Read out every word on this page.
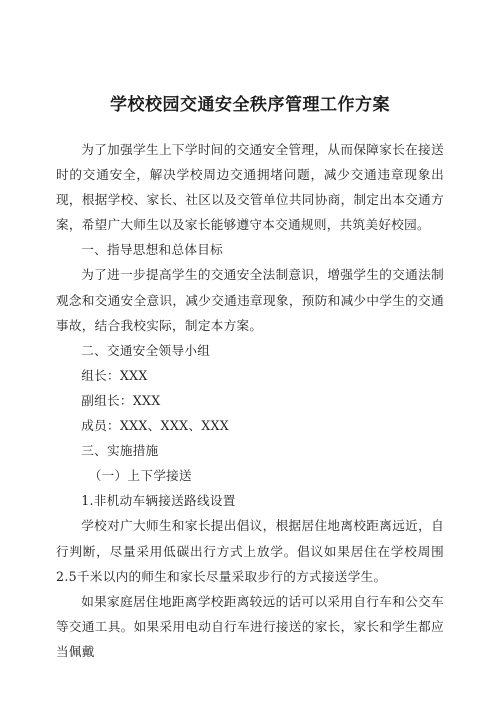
学校校园交通安全秩序管理工作方案

为了加强学生上下学时间的交通安全管理，从而保障家长在接送时的交通安全，解决学校周边交通拥堵问题，减少交通违章现象出现，根据学校、家长、社区以及交管单位共同协商，制定出本交通方案，希望广大师生以及家长能够遵守本交通规则，共筑美好校园。

一、指导思想和总体目标

为了进一步提高学生的交通安全法制意识，增强学生的交通法制观念和交通安全意识，减少交通违章现象，预防和减少中学生的交通事故，结合我校实际，制定本方案。

二、交通安全领导小组

组长：XXX

副组长：XXX

成员：XXX、XXX、XXX

三、实施措施

（一）上下学接送

1.非机动车辆接送路线设置

学校对广大师生和家长提出倡议，根据居住地离校距离远近，自行判断，尽量采用低碳出行方式上放学。倡议如果居住在学校周围2.5千米以内的师生和家长尽量采取步行的方式接送学生。

如果家庭居住地距离学校距离较远的话可以采用自行车和公交车等交通工具。如果采用电动自行车进行接送的家长，家长和学生都应当佩戴
